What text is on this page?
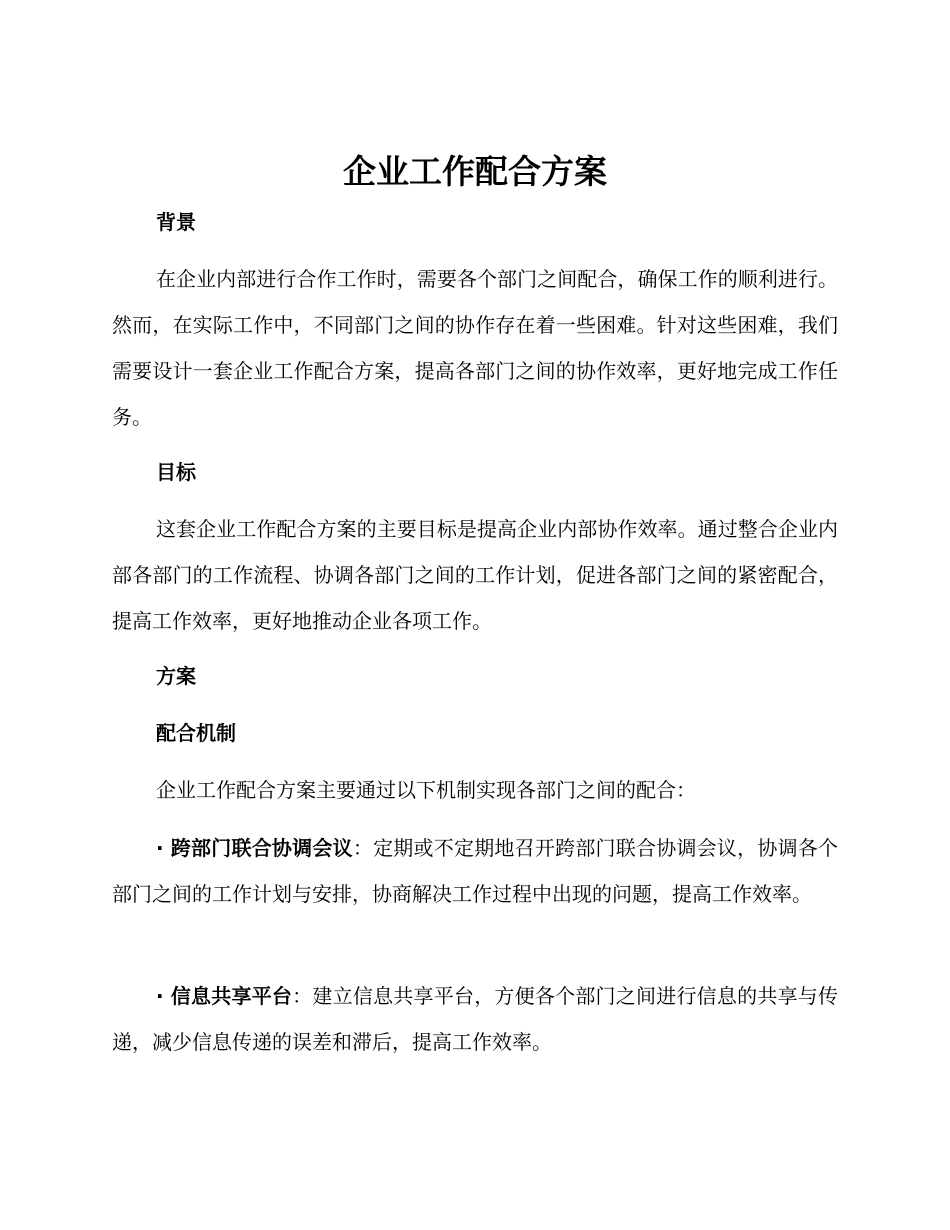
企业工作配合方案
背景

在企业内部进行合作工作时，需要各个部门之间配合，确保工作的顺利进行。然而，在实际工作中，不同部门之间的协作存在着一些困难。针对这些困难，我们需要设计一套企业工作配合方案，提高各部门之间的协作效率，更好地完成工作任务。

目标

这套企业工作配合方案的主要目标是提高企业内部协作效率。通过整合企业内部各部门的工作流程、协调各部门之间的工作计划，促进各部门之间的紧密配合，提高工作效率，更好地推动企业各项工作。

方案
配合机制

企业工作配合方案主要通过以下机制实现各部门之间的配合：

· 跨部门联合协调会议：定期或不定期地召开跨部门联合协调会议，协调各个部门之间的工作计划与安排，协商解决工作过程中出现的问题，提高工作效率。

· 信息共享平台：建立信息共享平台，方便各个部门之间进行信息的共享与传递，减少信息传递的误差和滞后，提高工作效率。
